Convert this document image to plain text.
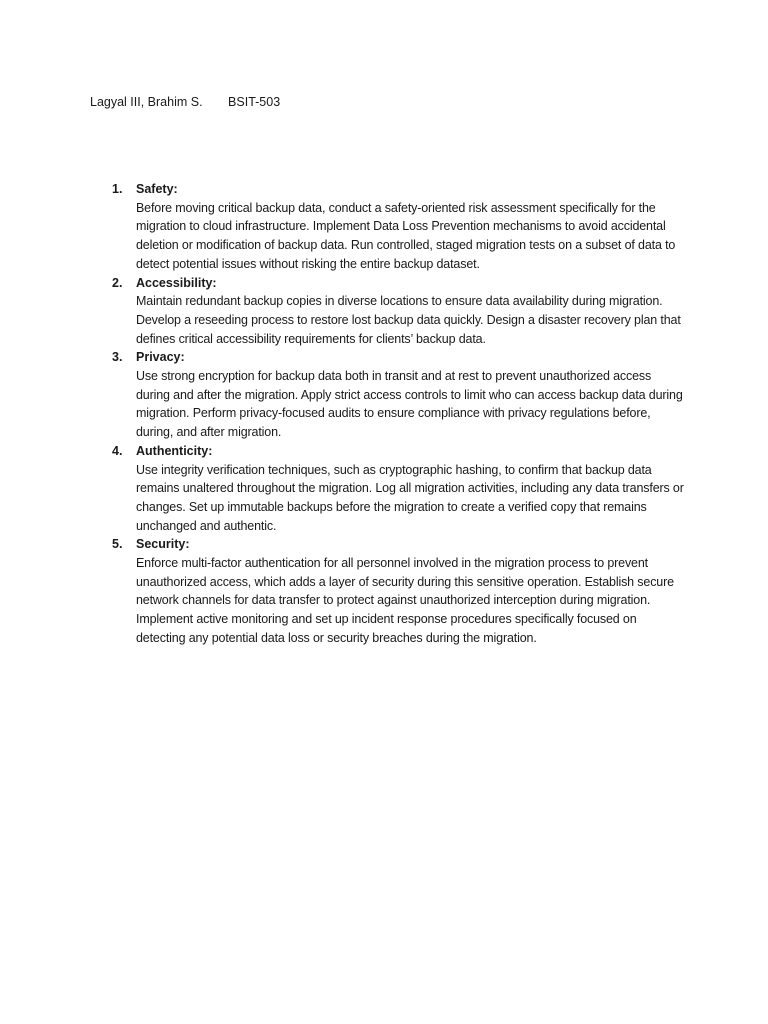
Lagyal III, Brahim S. BSIT-503
1. Safety:
Before moving critical backup data, conduct a safety-oriented risk assessment specifically for the migration to cloud infrastructure. Implement Data Loss Prevention mechanisms to avoid accidental deletion or modification of backup data. Run controlled, staged migration tests on a subset of data to detect potential issues without risking the entire backup dataset.
2. Accessibility:
Maintain redundant backup copies in diverse locations to ensure data availability during migration. Develop a reseeding process to restore lost backup data quickly. Design a disaster recovery plan that defines critical accessibility requirements for clients’ backup data.
3. Privacy:
Use strong encryption for backup data both in transit and at rest to prevent unauthorized access during and after the migration. Apply strict access controls to limit who can access backup data during migration. Perform privacy-focused audits to ensure compliance with privacy regulations before, during, and after migration.
4. Authenticity:
Use integrity verification techniques, such as cryptographic hashing, to confirm that backup data remains unaltered throughout the migration. Log all migration activities, including any data transfers or changes. Set up immutable backups before the migration to create a verified copy that remains unchanged and authentic.
5. Security:
Enforce multi-factor authentication for all personnel involved in the migration process to prevent unauthorized access, which adds a layer of security during this sensitive operation. Establish secure network channels for data transfer to protect against unauthorized interception during migration. Implement active monitoring and set up incident response procedures specifically focused on detecting any potential data loss or security breaches during the migration.
